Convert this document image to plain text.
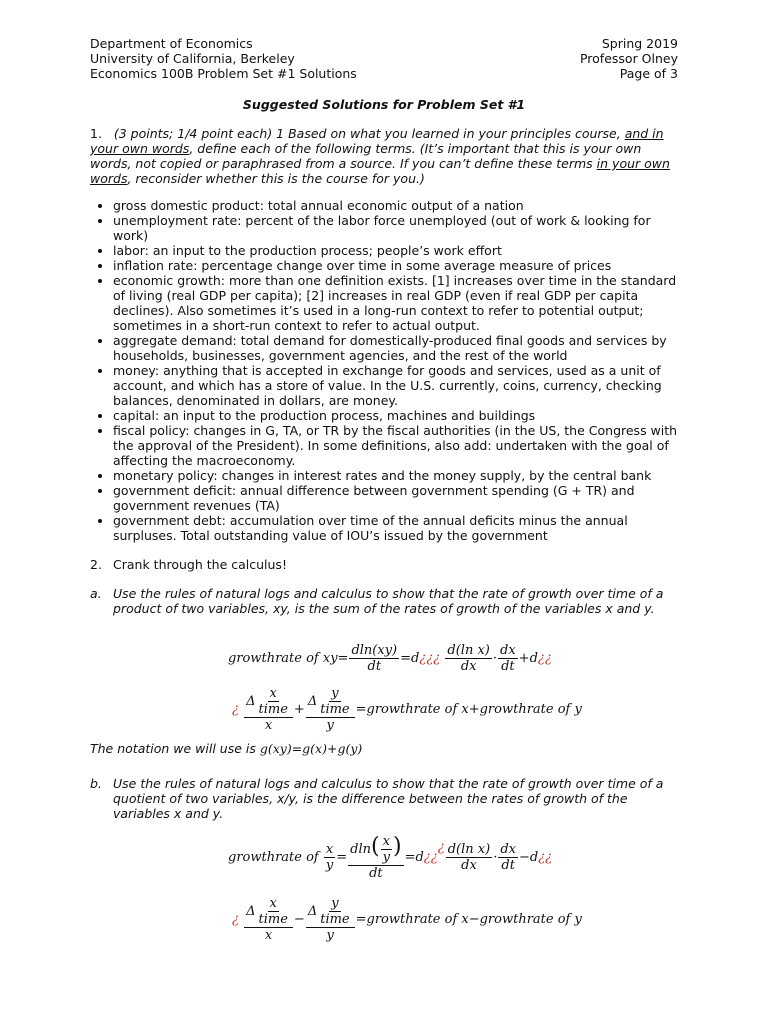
Department of Economics
University of California, Berkeley
Economics 100B Problem Set #1 Solutions
Spring 2019
Professor Olney
Page of 3
Suggested Solutions for Problem Set #1
1. (3 points; 1/4 point each) 1 Based on what you learned in your principles course, and in your own words, define each of the following terms. (It’s important that this is your own words, not copied or paraphrased from a source. If you can’t define these terms in your own words, reconsider whether this is the course for you.)
• gross domestic product: total annual economic output of a nation
• unemployment rate: percent of the labor force unemployed (out of work & looking for work)
• labor: an input to the production process; people’s work effort
• inflation rate: percentage change over time in some average measure of prices
• economic growth: more than one definition exists. [1] increases over time in the standard of living (real GDP per capita); [2] increases in real GDP (even if real GDP per capita declines). Also sometimes it’s used in a long-run context to refer to potential output; sometimes in a short-run context to refer to actual output.
• aggregate demand: total demand for domestically-produced final goods and services by households, businesses, government agencies, and the rest of the world
• money: anything that is accepted in exchange for goods and services, used as a unit of account, and which has a store of value. In the U.S. currently, coins, currency, checking balances, denominated in dollars, are money.
• capital: an input to the production process, machines and buildings
• fiscal policy: changes in G, TA, or TR by the fiscal authorities (in the US, the Congress with the approval of the President). In some definitions, also add: undertaken with the goal of affecting the macroeconomy.
• monetary policy: changes in interest rates and the money supply, by the central bank
• government deficit: annual difference between government spending (G + TR) and government revenues (TA)
• government debt: accumulation over time of the annual deficits minus the annual surpluses. Total outstanding value of IOU’s issued by the government
2. Crank through the calculus!
a. Use the rules of natural logs and calculus to show that the rate of growth over time of a product of two variables, xy, is the sum of the rates of growth of the variables x and y.
growthrate of $xy= \frac{dln(xy)}{dt}$ =d¿¿¿ $\frac{\text{d(ln x)}}{dx} \cdot \frac{dx}{dt}$ +d¿¿
¿ $\frac{\Delta \frac{x}{\text{time}}}{x} + \frac{\Delta \frac{y}{\text{time}}}{y}$ =growthrate of x+growthrate of y
The notation we will use is g(xy)=g(x)+g(y)
b. Use the rules of natural logs and calculus to show that the rate of growth over time of a quotient of two variables, x/y, is the difference between the rates of growth of the variables x and y.
growthrate of $\frac{x}{y} = \frac{dln( \frac{x}{y} )}{dt}$ =d¿¿¿ $\frac{\text{d(ln x)}}{dx} \cdot \frac{dx}{dt}$ −d¿¿
¿ $\frac{\Delta \frac{x}{\text{time}}}{x} - \frac{\Delta \frac{y}{\text{time}}}{y}$ =growthrate of x−growthrate of y
